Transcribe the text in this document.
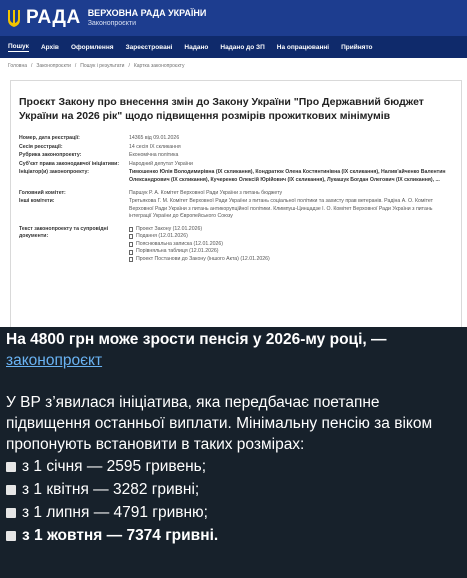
РАДА ВЕРХОВНА РАДА УКРАЇНИ
Законопроєкти
Пошук Архів Оформлення Зареєстровані Надано Надано до ЗП На опрацюванні Прийнято
Головна / Законопроєкти / Пошук і результати / Картка законопроєкту
Проєкт Закону про внесення змін до Закону України "Про Державний бюджет України на 2026 рік" щодо підвищення розмірів прожиткових мінімумів
Номер, дата реєстрації:	14365 від 09.01.2026
Сесія реєстрації:	14 сесія IX скликання
Рубрика законопроекту:	Економічна політика
Суб'єкт права законодавчої ініціативи:	Народний депутат України
Ініціатор(и) законопроекту:	Тимошенко Юлія Володимирівна (IX скликання), Кондратюк Олена Костянтинівна (IX скликання), Налив'айченко Валентин Олександрович (IX скликання), Кучеренко Олексій Юрійович (IX скликання), Лукашук Богдан Олегович (IX скликання), ...
Головний комітет:	Паршук Р. А. Комітет Верховної Ради України з питань бюджету
Інші комітети:	Третьякова Г. М. Комітет Верховної Ради України з питань соціальної політики та захисту прав ветеранів. Радіна А. О. Комітет Верховної Ради України з питань антикорупційної політики. Климпуш-Цинцадзе І. О. Комітет Верховної Ради України з питань інтеграції України до Європейського Союзу
Текст законопроекту та супровідні документи:
Проект Закону (12.01.2026)
Подання (12.01.2026)
Пояснювальна записка (12.01.2026)
Порівняльна таблиця (12.01.2026)
Проект Постанови до Закону (іншого Акта) (12.01.2026)
На 4800 грн може зрости пенсія у 2026-му році, — законопроєкт
У ВР з’явилася ініціатива, яка передбачає поетапне підвищення останньої виплати. Мінімальну пенсію за віком пропонують встановити в таких розмірах:
з 1 січня — 2595 гривень;
з 1 квітня — 3282 гривні;
з 1 липня — 4791 гривню;
з 1 жовтня — 7374 гривні.
